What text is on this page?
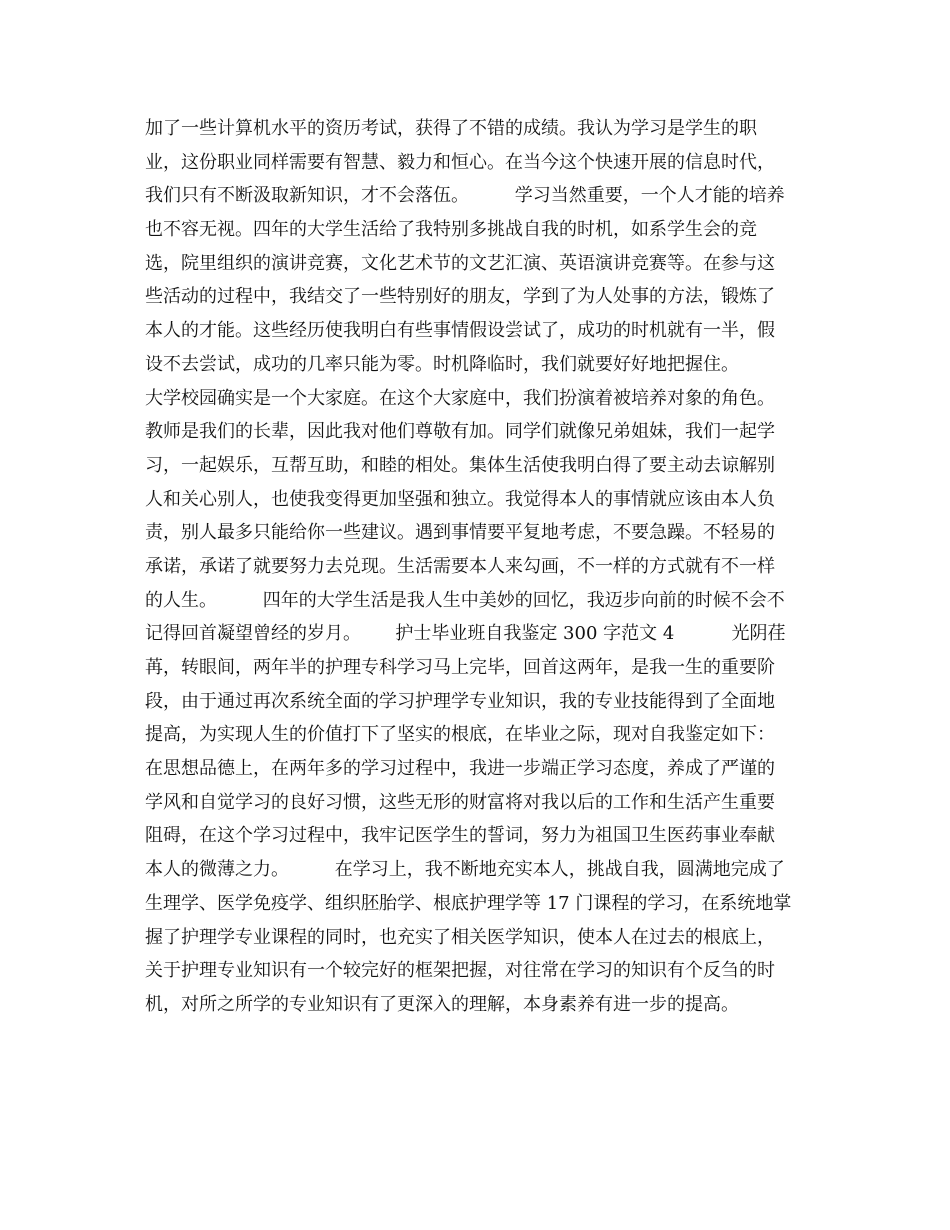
加了一些计算机水平的资历考试，获得了不错的成绩。我认为学习是学生的职
业，这份职业同样需要有智慧、毅力和恒心。在当今这个快速开展的信息时代，
我们只有不断汲取新知识，才不会落伍。        学习当然重要，一个人才能的培养
也不容无视。四年的大学生活给了我特别多挑战自我的时机，如系学生会的竞
选，院里组织的演讲竞赛，文化艺术节的文艺汇演、英语演讲竞赛等。在参与这
些活动的过程中，我结交了一些特别好的朋友，学到了为人处事的方法，锻炼了
本人的才能。这些经历使我明白有些事情假设尝试了，成功的时机就有一半，假
设不去尝试，成功的几率只能为零。时机降临时，我们就要好好地把握住。
大学校园确实是一个大家庭。在这个大家庭中，我们扮演着被培养对象的角色。
教师是我们的长辈，因此我对他们尊敬有加。同学们就像兄弟姐妹，我们一起学
习，一起娱乐，互帮互助，和睦的相处。集体生活使我明白得了要主动去谅解别
人和关心别人，也使我变得更加坚强和独立。我觉得本人的事情就应该由本人负
责，别人最多只能给你一些建议。遇到事情要平复地考虑，不要急躁。不轻易的
承诺，承诺了就要努力去兑现。生活需要本人来勾画，不一样的方式就有不一样
的人生。        四年的大学生活是我人生中美妙的回忆，我迈步向前的时候不会不
记得回首凝望曾经的岁月。      护士毕业班自我鉴定 300 字范文 4          光阴荏
苒，转眼间，两年半的护理专科学习马上完毕，回首这两年，是我一生的重要阶
段，由于通过再次系统全面的学习护理学专业知识，我的专业技能得到了全面地
提高，为实现人生的价值打下了坚实的根底，在毕业之际，现对自我鉴定如下：
在思想品德上，在两年多的学习过程中，我进一步端正学习态度，养成了严谨的
学风和自觉学习的良好习惯，这些无形的财富将对我以后的工作和生活产生重要
阻碍，在这个学习过程中，我牢记医学生的誓词，努力为祖国卫生医药事业奉献
本人的微薄之力。        在学习上，我不断地充实本人，挑战自我，圆满地完成了
生理学、医学免疫学、组织胚胎学、根底护理学等 17 门课程的学习，在系统地掌
握了护理学专业课程的同时，也充实了相关医学知识，使本人在过去的根底上，
关于护理专业知识有一个较完好的框架把握，对往常在学习的知识有个反刍的时
机，对所之所学的专业知识有了更深入的理解，本身素养有进一步的提高。
